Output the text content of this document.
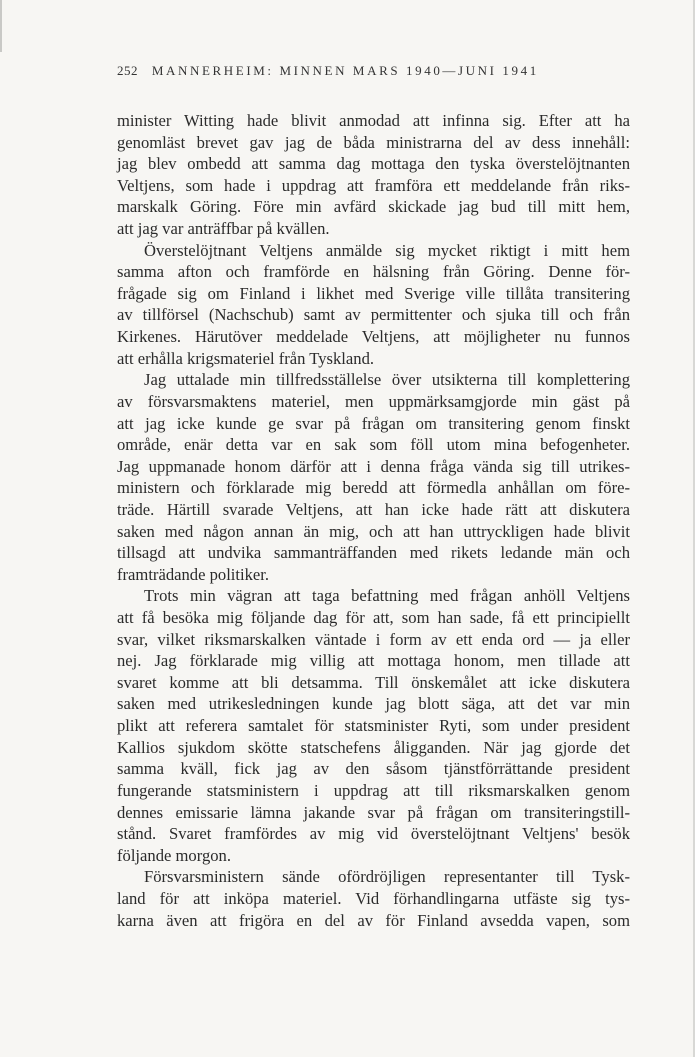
252 MANNERHEIM: MINNEN MARS 1940—JUNI 1941
minister Witting hade blivit anmodad att infinna sig. Efter att ha
genomläst brevet gav jag de båda ministrarna del av dess innehåll:
jag blev ombedd att samma dag mottaga den tyska överstelöjtnanten
Veltjens, som hade i uppdrag att framföra ett meddelande från riks-
marskalk Göring. Före min avfärd skickade jag bud till mitt hem,
att jag var anträffbar på kvällen.
Överstelöjtnant Veltjens anmälde sig mycket riktigt i mitt hem
samma afton och framförde en hälsning från Göring. Denne för-
frågade sig om Finland i likhet med Sverige ville tillåta transitering
av tillförsel (Nachschub) samt av permittenter och sjuka till och från
Kirkenes. Härutöver meddelade Veltjens, att möjligheter nu funnos
att erhålla krigsmateriel från Tyskland.
Jag uttalade min tillfredsställelse över utsikterna till komplettering
av försvarsmaktens materiel, men uppmärksamgjorde min gäst på
att jag icke kunde ge svar på frågan om transitering genom finskt
område, enär detta var en sak som föll utom mina befogenheter.
Jag uppmanade honom därför att i denna fråga vända sig till utrikes-
ministern och förklarade mig beredd att förmedla anhållan om före-
träde. Härtill svarade Veltjens, att han icke hade rätt att diskutera
saken med någon annan än mig, och att han uttryckligen hade blivit
tillsagd att undvika sammanträffanden med rikets ledande män och
framträdande politiker.
Trots min vägran att taga befattning med frågan anhöll Veltjens
att få besöka mig följande dag för att, som han sade, få ett principiellt
svar, vilket riksmarskalken väntade i form av ett enda ord — ja eller
nej. Jag förklarade mig villig att mottaga honom, men tillade att
svaret komme att bli detsamma. Till önskemålet att icke diskutera
saken med utrikesledningen kunde jag blott säga, att det var min
plikt att referera samtalet för statsminister Ryti, som under president
Kallios sjukdom skötte statschefens åligganden. När jag gjorde det
samma kväll, fick jag av den såsom tjänstförrättande president
fungerande statsministern i uppdrag att till riksmarskalken genom
dennes emissarie lämna jakande svar på frågan om transiteringstill-
stånd. Svaret framfördes av mig vid överstelöjtnant Veltjens' besök
följande morgon.
Försvarsministern sände ofördröjligen representanter till Tysk-
land för att inköpa materiel. Vid förhandlingarna utfäste sig tys-
karna även att frigöra en del av för Finland avsedda vapen, som
